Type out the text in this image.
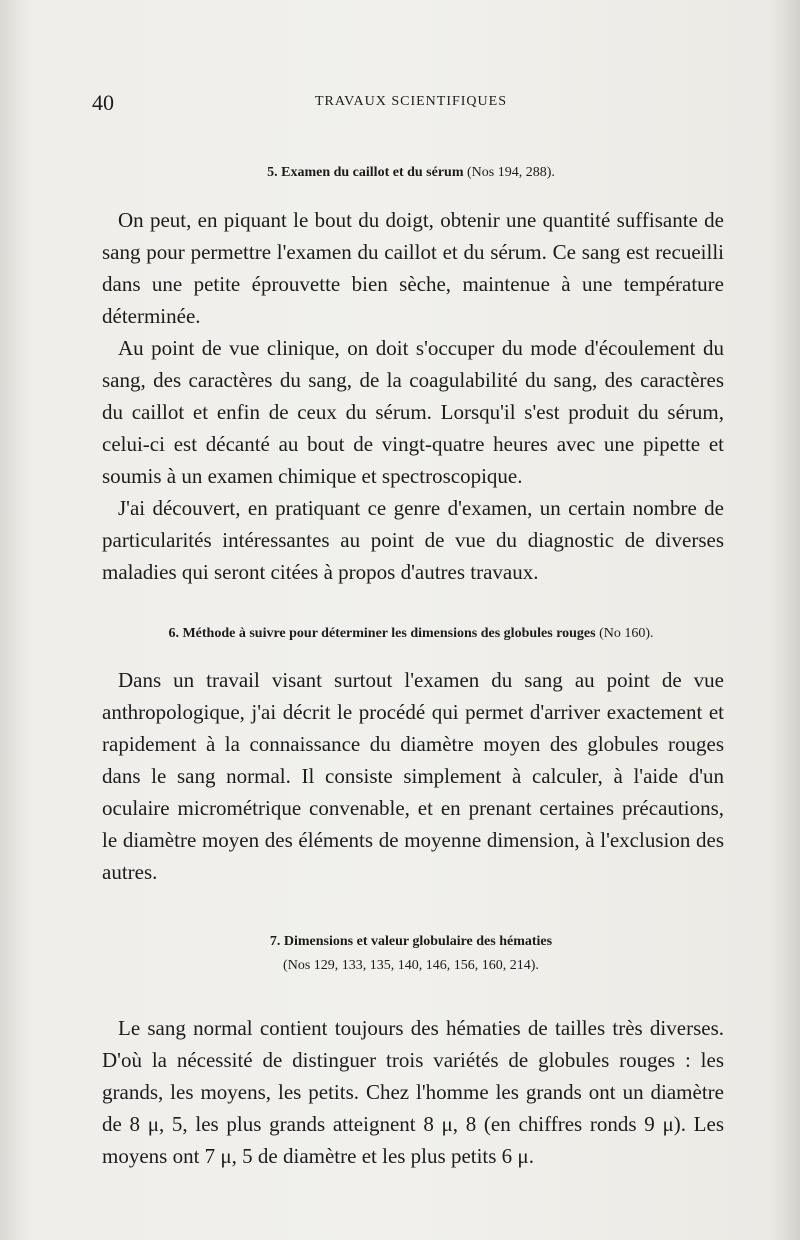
40	TRAVAUX SCIENTIFIQUES
5. Examen du caillot et du sérum (Nos 194, 288).

On peut, en piquant le bout du doigt, obtenir une quantité suffisante de sang pour permettre l'examen du caillot et du sérum. Ce sang est recueilli dans une petite éprouvette bien sèche, maintenue à une température déterminée.

Au point de vue clinique, on doit s'occuper du mode d'écoulement du sang, des caractères du sang, de la coagulabilité du sang, des caractères du caillot et enfin de ceux du sérum. Lorsqu'il s'est produit du sérum, celui-ci est décanté au bout de vingt-quatre heures avec une pipette et soumis à un examen chimique et spectroscopique.

J'ai découvert, en pratiquant ce genre d'examen, un certain nombre de particularités intéressantes au point de vue du diagnostic de diverses maladies qui seront citées à propos d'autres travaux.

6. Méthode à suivre pour déterminer les dimensions des globules rouges (No 160).

Dans un travail visant surtout l'examen du sang au point de vue anthropologique, j'ai décrit le procédé qui permet d'arriver exactement et rapidement à la connaissance du diamètre moyen des globules rouges dans le sang normal. Il consiste simplement à calculer, à l'aide d'un oculaire micrométrique convenable, et en prenant certaines précautions, le diamètre moyen des éléments de moyenne dimension, à l'exclusion des autres.

7. Dimensions et valeur globulaire des hématies
(Nos 129, 133, 135, 140, 146, 156, 160, 214).

Le sang normal contient toujours des hématies de tailles très diverses. D'où la nécessité de distinguer trois variétés de globules rouges : les grands, les moyens, les petits. Chez l'homme les grands ont un diamètre de 8 μ, 5, les plus grands atteignent 8 μ, 8 (en chiffres ronds 9 μ). Les moyens ont 7 μ, 5 de diamètre et les plus petits 6 μ.
